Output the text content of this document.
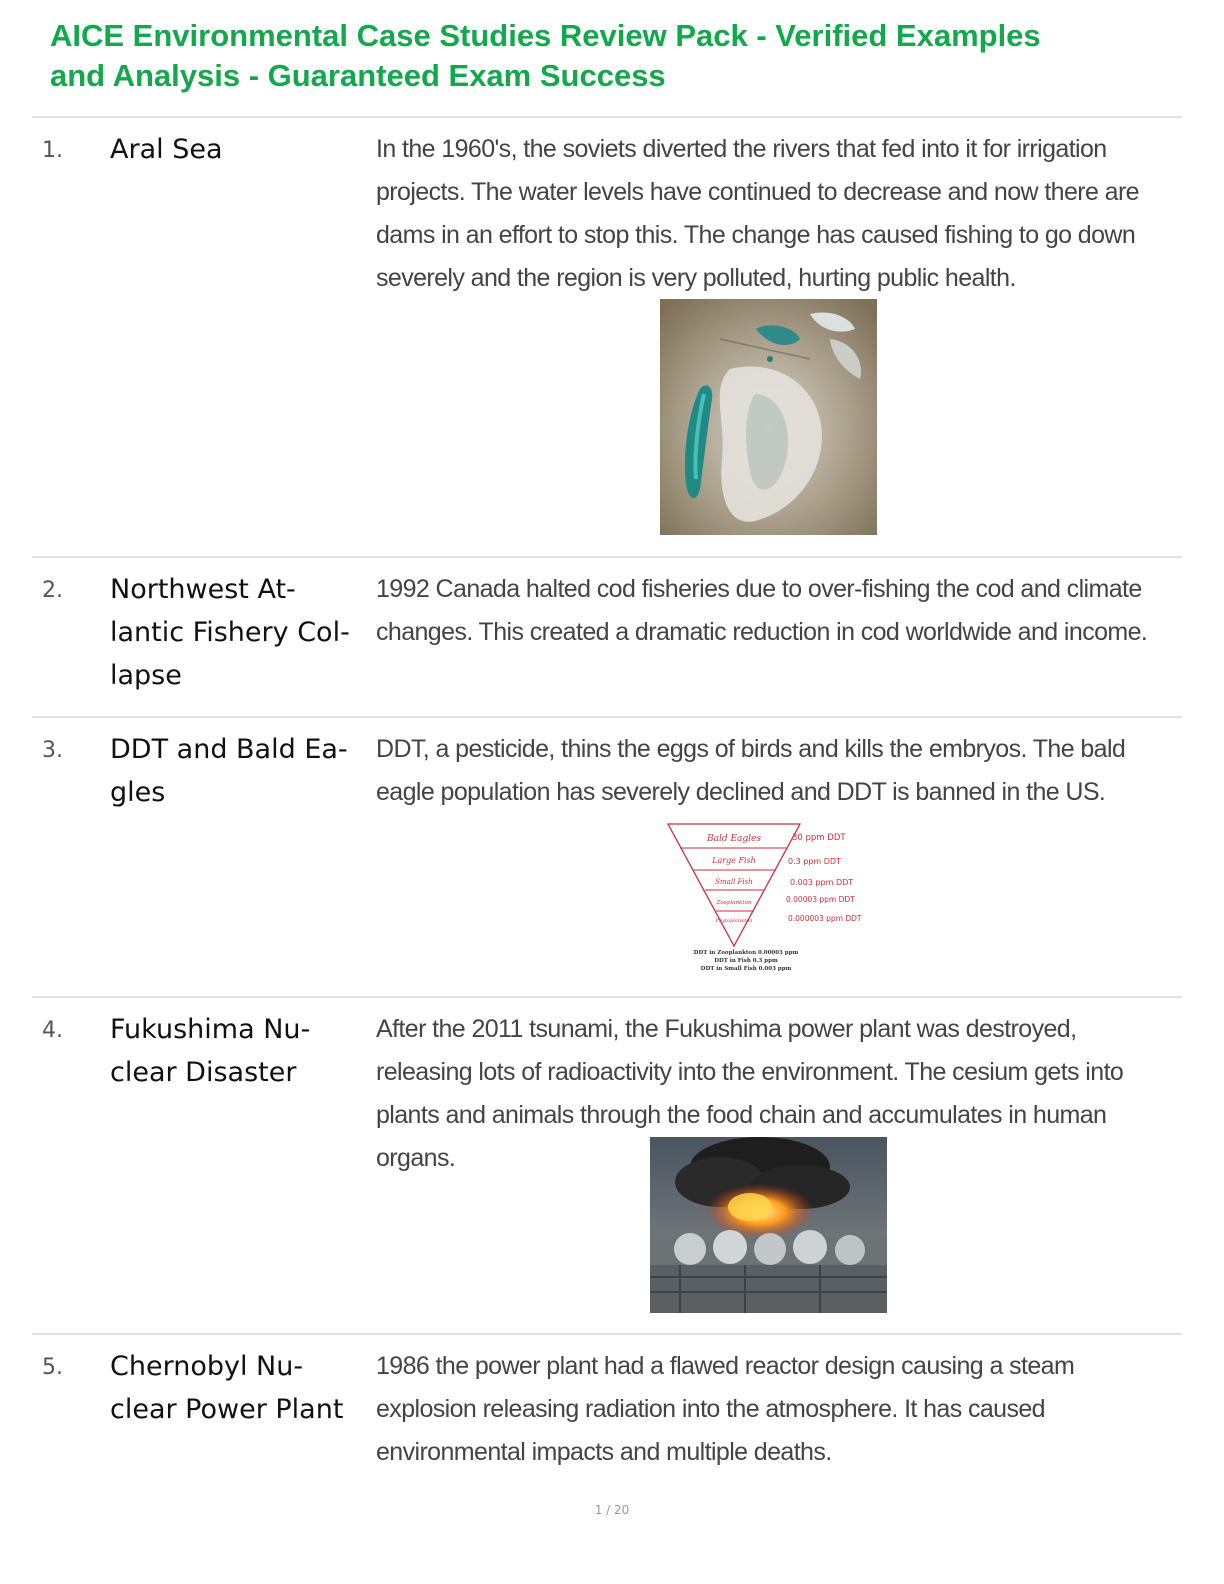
AICE Environmental Case Studies Review Pack - Verified Examples
and Analysis - Guaranteed Exam Success
1. Aral Sea	In the 1960's, the soviets diverted the rivers that fed into it for irrigation projects. The water levels have continued to decrease and now there are dams in an effort to stop this. The change has caused fishing to go down severely and the region is very polluted, hurting public health.
2. Northwest At-
lantic Fishery Col-
lapse
1992 Canada halted cod fisheries due to over-fishing the cod and climate changes. This created a dramatic reduction in cod worldwide and income.
3. DDT and Bald Ea-
gles
DDT, a pesticide, thins the eggs of birds and kills the embryos. The bald eagle population has severely declined and DDT is banned in the US.
Bald Eagles
Large Fish
Small Fish
Zooplankton
Phytoplankton
30 ppm DDT
0.3 ppm DDT
0.003 ppm DDT
0.00003 ppm DDT
0.000003 ppm DDT
DDT in Zooplankton 0.00003 ppm
DDT in Fish 0.3 ppm
DDT in Small Fish 0.003 ppm
4. Fukushima Nu-
clear Disaster
After the 2011 tsunami, the Fukushima power plant was destroyed, releasing lots of radioactivity into the environment. The cesium gets into plants and animals through the food chain and accumulates in human organs.
5. Chernobyl Nu-
clear Power Plant
1986 the power plant had a flawed reactor design causing a steam explosion releasing radiation into the atmosphere. It has caused environmental impacts and multiple deaths.
1 / 20
